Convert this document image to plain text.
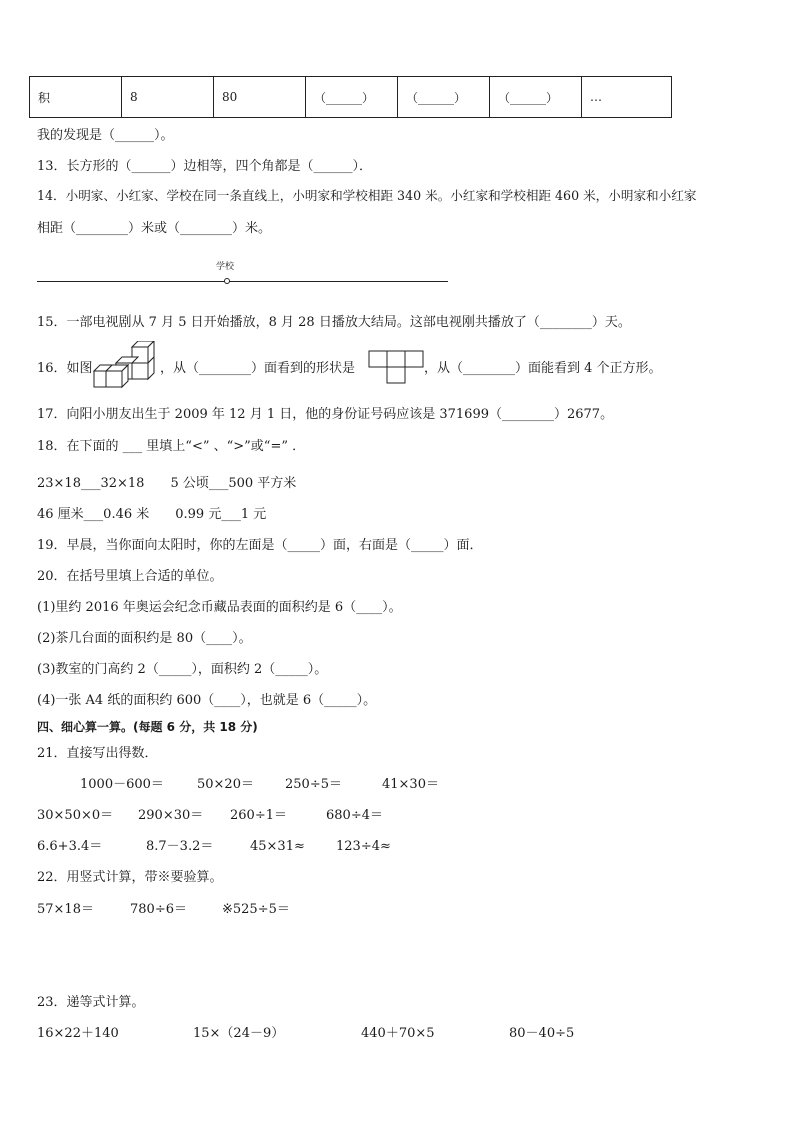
积	8	80	（______）	（______）	（______）	…
我的发现是（______）。
13．长方形的（______）边相等，四个角都是（______）．
14．小明家、小红家、学校在同一条直线上，小明家和学校相距 340 米。小红家和学校相距 460 米，小明家和小红家
相距（________）米或（________）米。
学校
15．一部电视剧从 7 月 5 日开始播放，8 月 28 日播放大结局。这部电视刚共播放了（________）天。
16．如图	，从（________）面看到的形状是	，从（________）面能看到 4 个正方形。
17．向阳小朋友出生于 2009 年 12 月 1 日，他的身份证号码应该是 371699（________）2677。
18．在下面的 ___ 里填上“<” 、“>”或“=” ．
23×18___32×18　　5 公顷___500 平方米
46 厘米___0.46 米　　0.99 元___1 元
19．早晨，当你面向太阳时，你的左面是（_____）面，右面是（_____）面．
20．在括号里填上合适的单位。
(1)里约 2016 年奥运会纪念币藏品表面的面积约是 6（____）。
(2)茶几台面的面积约是 80（____）。
(3)教室的门高约 2（_____），面积约 2（_____）。
(4)一张 A4 纸的面积约 600（____），也就是 6（_____）。
四、细心算一算。(每题 6 分，共 18 分)
21．直接写出得数．
1000－600＝	50×20＝ 250÷5＝	41×30＝
30×50×0＝ 290×30＝ 260÷1＝	680÷4＝
6.6+3.4＝	8.7－3.2＝	45×31≈ 123÷4≈
22．用竖式计算，带※要验算。
57×18＝	780÷6＝	※525÷5＝
23．递等式计算。
16×22＋140	15×（24－9）	440＋70×5	80－40÷5
